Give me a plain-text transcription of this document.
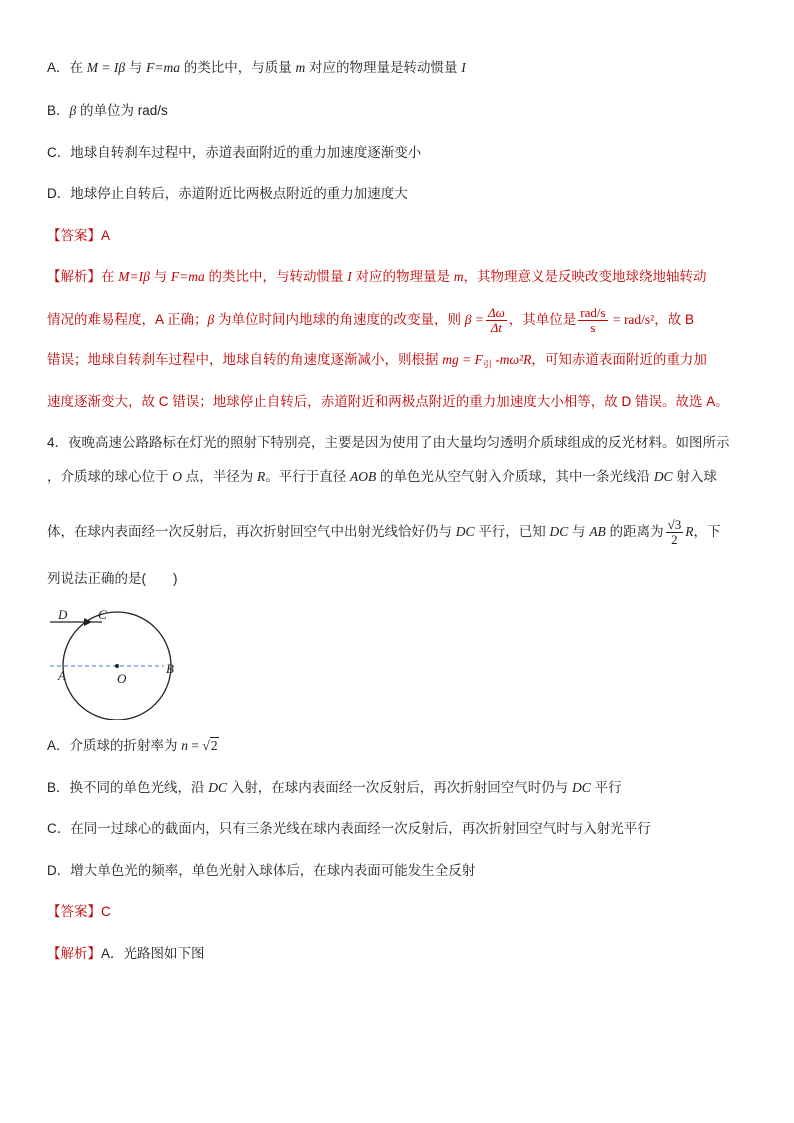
A．在 M = Iβ 与 F=ma 的类比中，与质量 m 对应的物理量是转动惯量 I
B．β 的单位为 rad/s
C．地球自转刹车过程中，赤道表面附近的重力加速度逐渐变小
D．地球停止自转后，赤道附近比两极点附近的重力加速度大
【答案】A
【解析】在 M=Iβ 与 F=ma 的类比中，与转动惯量 I 对应的物理量是 m，其物理意义是反映改变地球绕地轴转动
情况的难易程度，A 正确；β 为单位时间内地球的角速度的改变量，则 $\beta = \frac{\Delta\omega}{\Delta t}$ ，其单位是 $\frac{\text{rad/s}}{s} = rad/s^2$，故 B
错误；地球自转刹车过程中，地球自转的角速度逐渐减小，则根据 mg = $F_引$ -mω²R，可知赤道表面附近的重力加
速度逐渐变大，故 C 错误；地球停止自转后，赤道附近和两极点附近的重力加速度大小相等，故 D 错误。故选 A。
4．夜晚高速公路路标在灯光的照射下特别亮，主要是因为使用了由大量均匀透明介质球组成的反光材料。如图所示
，介质球的球心位于 O 点，半径为 R。平行于直径 AOB 的单色光从空气射入介质球，其中一条光线沿 DC 射入球
体，在球内表面经一次反射后，再次折射回空气中出射光线恰好仍与 DC 平行，已知 DC 与 AB 的距离为 $\frac{√3}{2}$ R，下
列说法正确的是(　　)
D C
A	O
B
A．介质球的折射率为 n = √2
B．换不同的单色光线，沿 DC 入射，在球内表面经一次反射后，再次折射回空气时仍与 DC 平行
C．在同一过球心的截面内，只有三条光线在球内表面经一次反射后，再次折射回空气时与入射光平行
D．增大单色光的频率，单色光射入球体后，在球内表面可能发生全反射
【答案】C
【解析】A．光路图如下图
